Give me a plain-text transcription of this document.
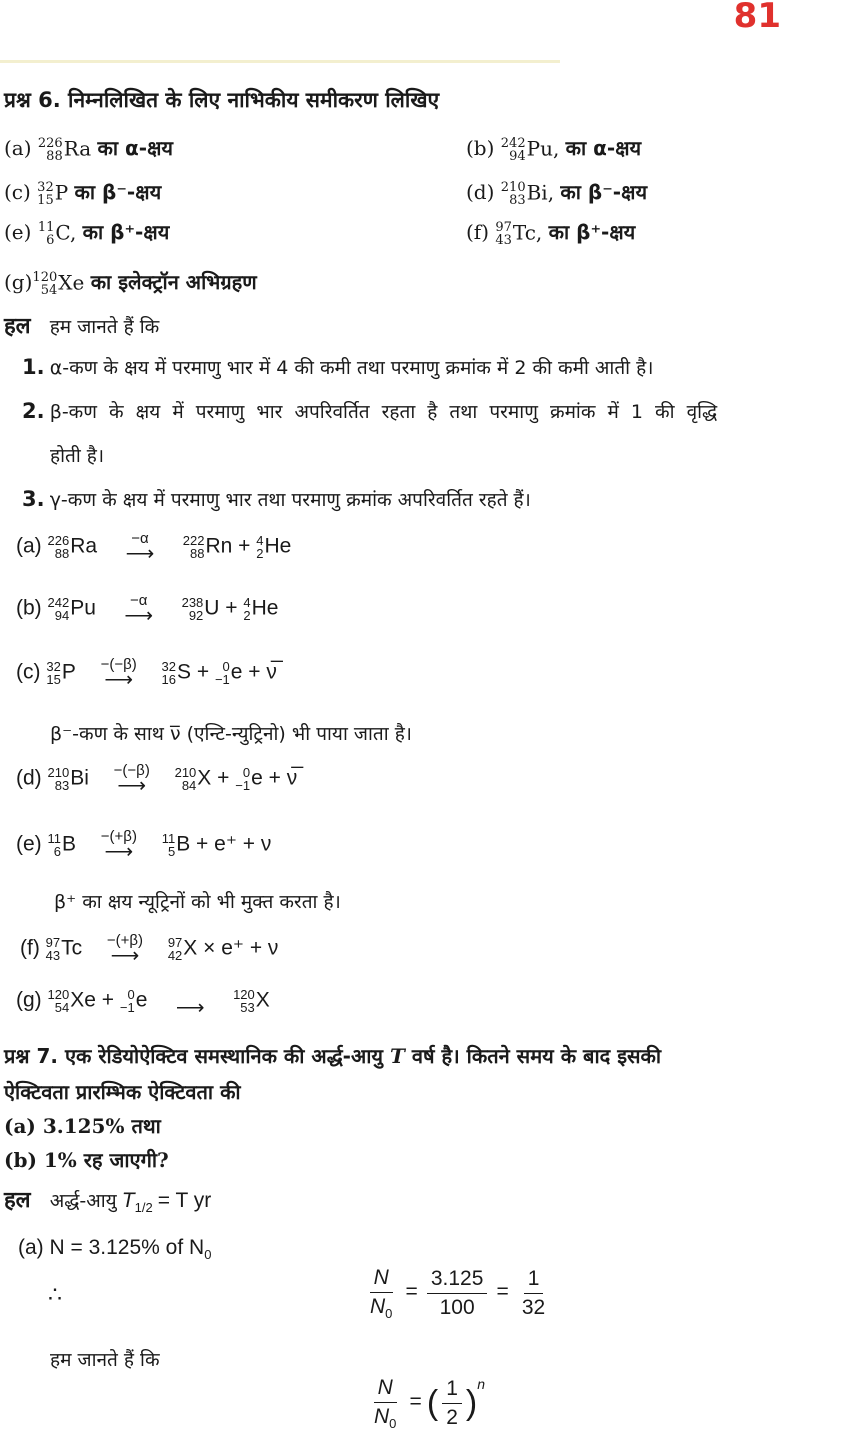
81
प्रश्न 6. निम्नलिखित के लिए नाभिकीय समीकरण लिखिए
(a) 226
88 Ra का α-क्षय	(b) 242
94 Pu, का α-क्षय
(c) 32
15 P का β⁻-क्षय	(d) 210
83 Bi, का β⁻-क्षय
(e) 11
6 C, का β⁺-क्षय	(f) 97
43 Tc, का β⁺-क्षय
(g) 120
54 Xe का इलेक्ट्रॉन अभिग्रहण
हल हम जानते हैं कि
1. α-कण के क्षय में परमाणु भार में 4 की कमी तथा परमाणु क्रमांक में 2 की कमी आती है।
2. β-कण के क्षय में परमाणु भार अपरिवर्तित रहता है तथा परमाणु क्रमांक में 1 की वृद्धि
होती है।
3. γ-कण के क्षय में परमाणु भार तथा परमाणु क्रमांक अपरिवर्तित रहते हैं।
(a) 226
88 Ra	−α
⟶

222
88 Rn + 4
2 He
(b) 242
94 Pu	−α
⟶

238
92 U + 4
2 He
(c) 32
15 P	−(−β)
⟶

32
16 S +	0
−1 e + ν̅
β⁻-कण के साथ ν̅ (एन्टि-न्युट्रिनो) भी पाया जाता है।
(d) 210
83 Bi	−(−β)
⟶

210
84 X +	0
−1 e + ν̅
(e) 11
6 B	−(+β)
⟶

11
5 B + e⁺ + ν
β⁺ का क्षय न्यूट्रिनों को भी मुक्त करता है।
(f) 97
43 Tc	−(+β)
⟶

97
42 X × e⁺ + ν
(g) 120
54 Xe +	0
−1 e
	⟶

120
53 X
प्रश्न 7. एक रेडियोऐक्टिव समस्थानिक की अर्द्ध-आयु T वर्ष है। कितने समय के बाद इसकी
ऐक्टिवता प्रारम्भिक ऐक्टिवता की
(a) 3.125% तथा
(b) 1% रह जाएगी?
हल अर्द्ध-आयु $T_{1/2} = T$ yr
(a) N = 3.125% of $N_0$
∴	$\frac{N}{N_0} = \frac{3.125}{100} = \frac{1}{32}$
हम जानते हैं कि
$\frac{N}{N_0}$ = ( $\frac{1}{2} )^n$
